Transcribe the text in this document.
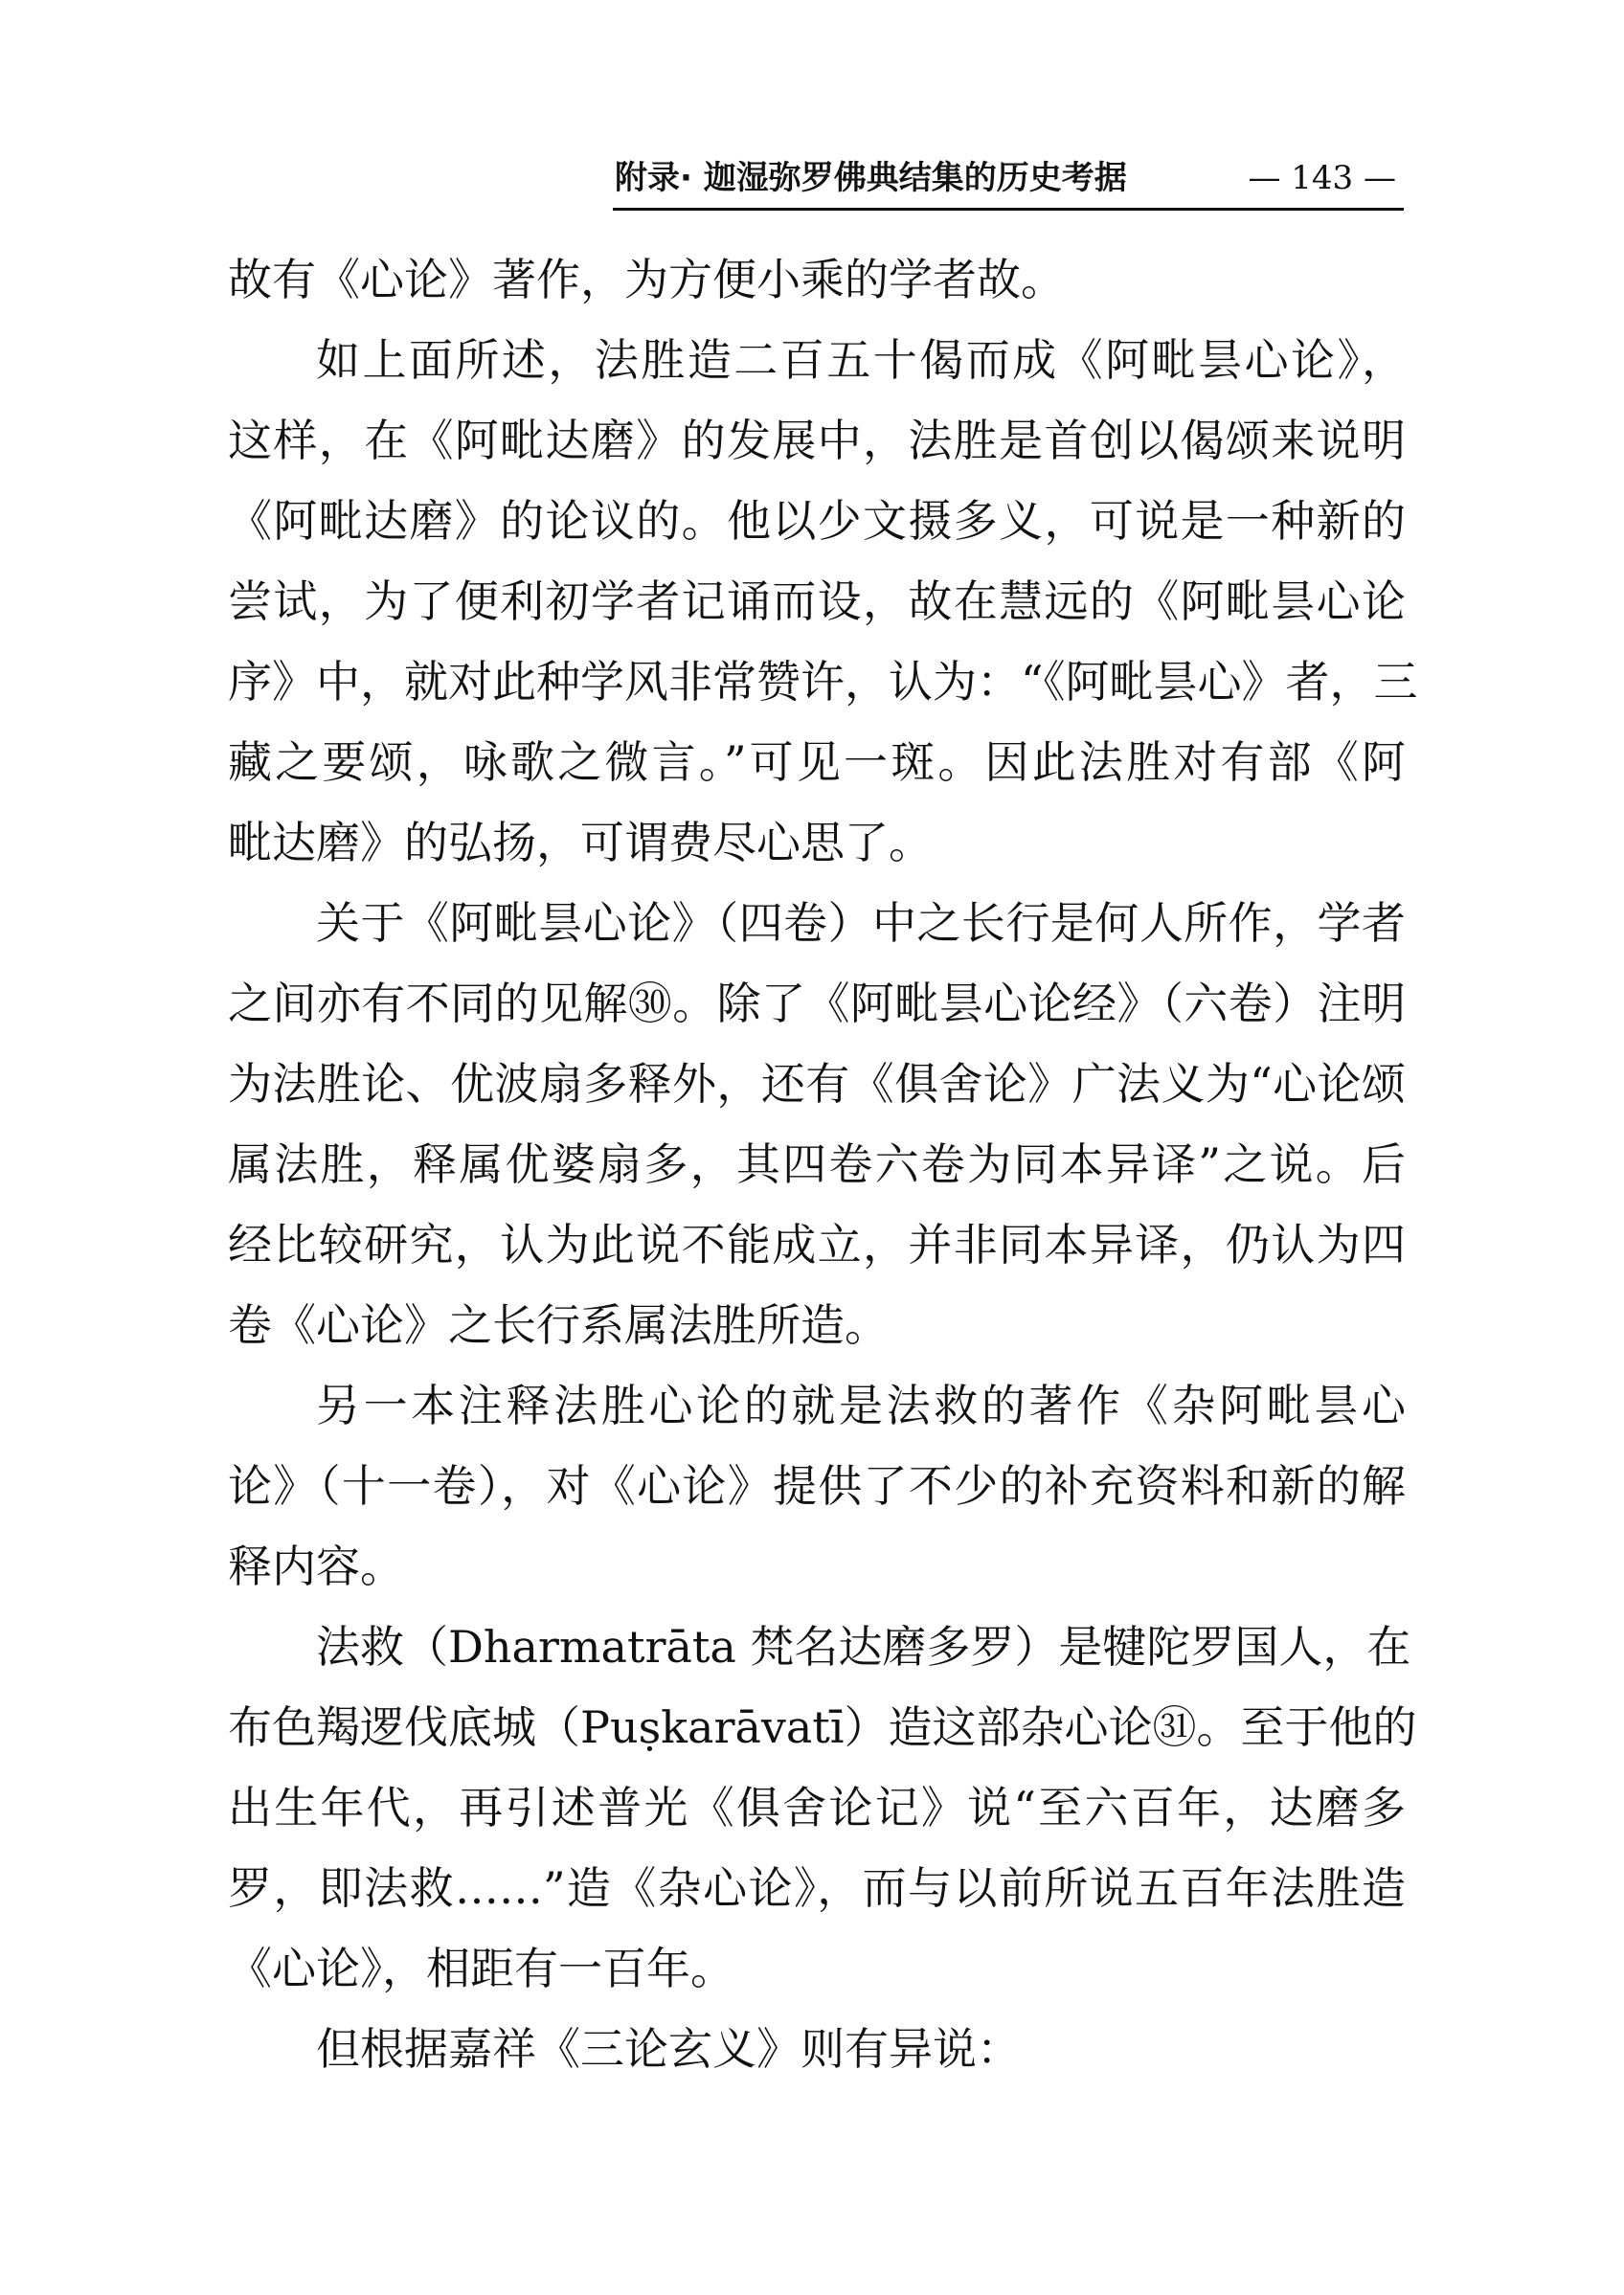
附录· 迦湿弥罗佛典结集的历史考据	— 143 —
故有《心论》著作，为方便小乘的学者故。
如上面所述，法胜造二百五十偈而成《阿毗昙心论》，
这样，在《阿毗达磨》的发展中，法胜是首创以偈颂来说明
《阿毗达磨》的论议的。他以少文摄多义，可说是一种新的
尝试，为了便利初学者记诵而设，故在慧远的《阿毗昙心论
序》中，就对此种学风非常赞许，认为：“《阿毗昙心》者，三
藏之要颂，咏歌之微言。”可见一斑。因此法胜对有部《阿
毗达磨》的弘扬，可谓费尽心思了。
关于《阿毗昙心论》（四卷）中之长行是何人所作，学者
之间亦有不同的见解㉚。除了《阿毗昙心论经》（六卷）注明
为法胜论、优波扇多释外，还有《俱舍论》广法义为“心论颂
属法胜，释属优婆扇多，其四卷六卷为同本异译”之说。后
经比较研究，认为此说不能成立，并非同本异译，仍认为四
卷《心论》之长行系属法胜所造。
另一本注释法胜心论的就是法救的著作《杂阿毗昙心
论》（十一卷），对《心论》提供了不少的补充资料和新的解
释内容。
法救（Dharmatrāta 梵名达磨多罗）是犍陀罗国人，在
布色羯逻伐底城（Puṣkarāvatī）造这部杂心论㉛。至于他的
出生年代，再引述普光《俱舍论记》说“至六百年，达磨多
罗，即法救……”造《杂心论》，而与以前所说五百年法胜造
《心论》，相距有一百年。
但根据嘉祥《三论玄义》则有异说：
